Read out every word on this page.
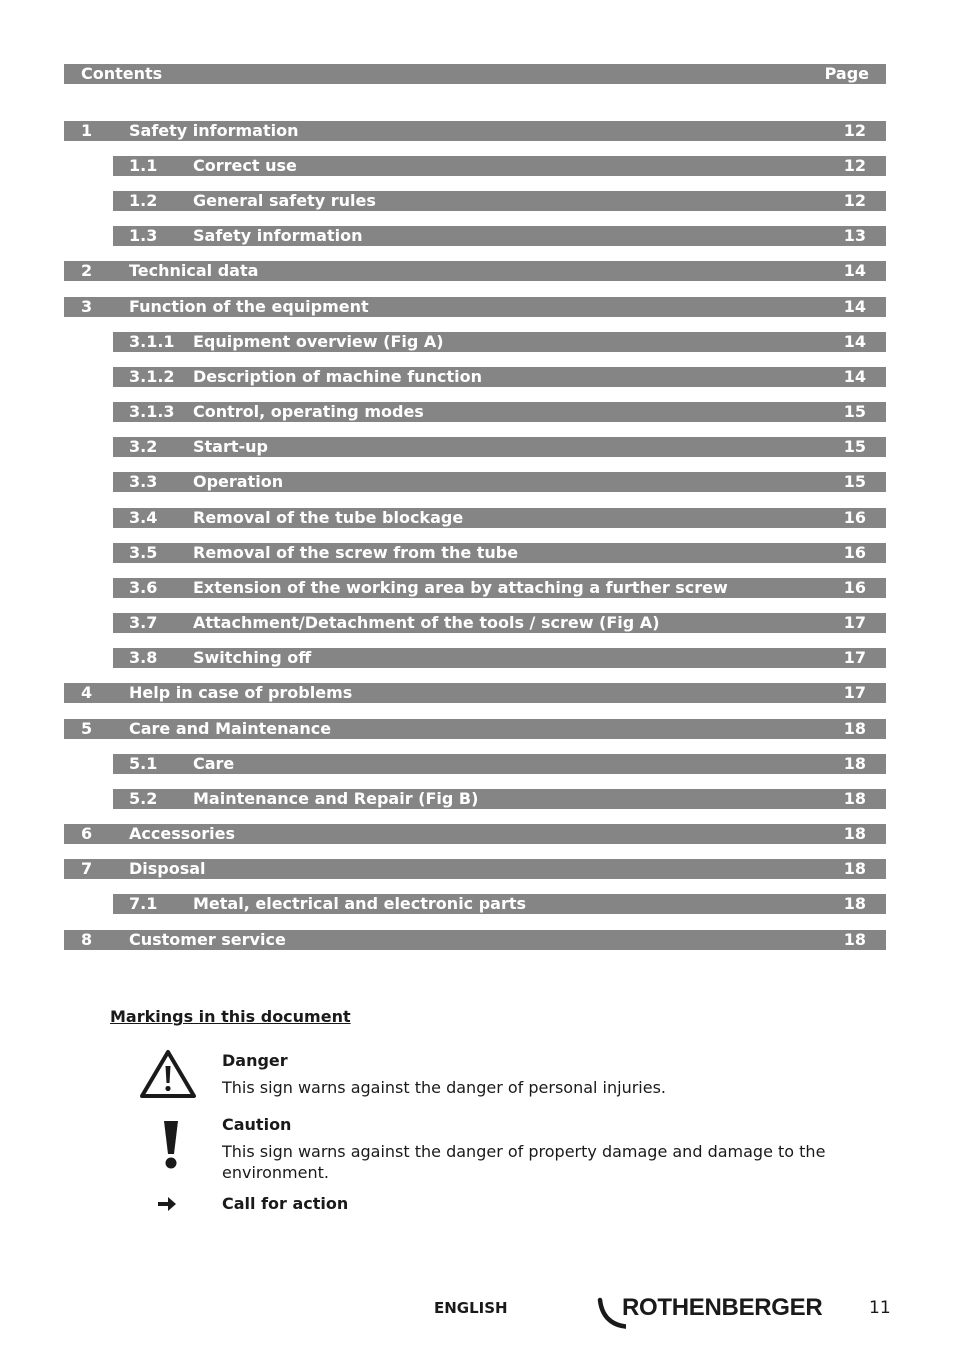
Contents	Page
1 Safety information	12
1.1 Correct use	12
1.2 General safety rules	12
1.3 Safety information	13
2 Technical data	14
3 Function of the equipment	14
3.1.1 Equipment overview (Fig A)	14
3.1.2 Description of machine function	14
3.1.3 Control, operating modes	15
3.2 Start-up	15
3.3 Operation	15
3.4 Removal of the tube blockage	16
3.5 Removal of the screw from the tube	16
3.6 Extension of the working area by attaching a further screw	16
3.7 Attachment/Detachment of the tools / screw (Fig A)	17
3.8 Switching off	17
4 Help in case of problems	17
5 Care and Maintenance	18
5.1 Care	18
5.2 Maintenance and Repair (Fig B)	18
6 Accessories	18
7 Disposal	18
7.1 Metal, electrical and electronic parts	18
8 Customer service	18
Markings in this document
Danger
This sign warns against the danger of personal injuries.
Caution
This sign warns against the danger of property damage and damage to the environment.
Call for action
ENGLISH	ROTHENBERGER	11
